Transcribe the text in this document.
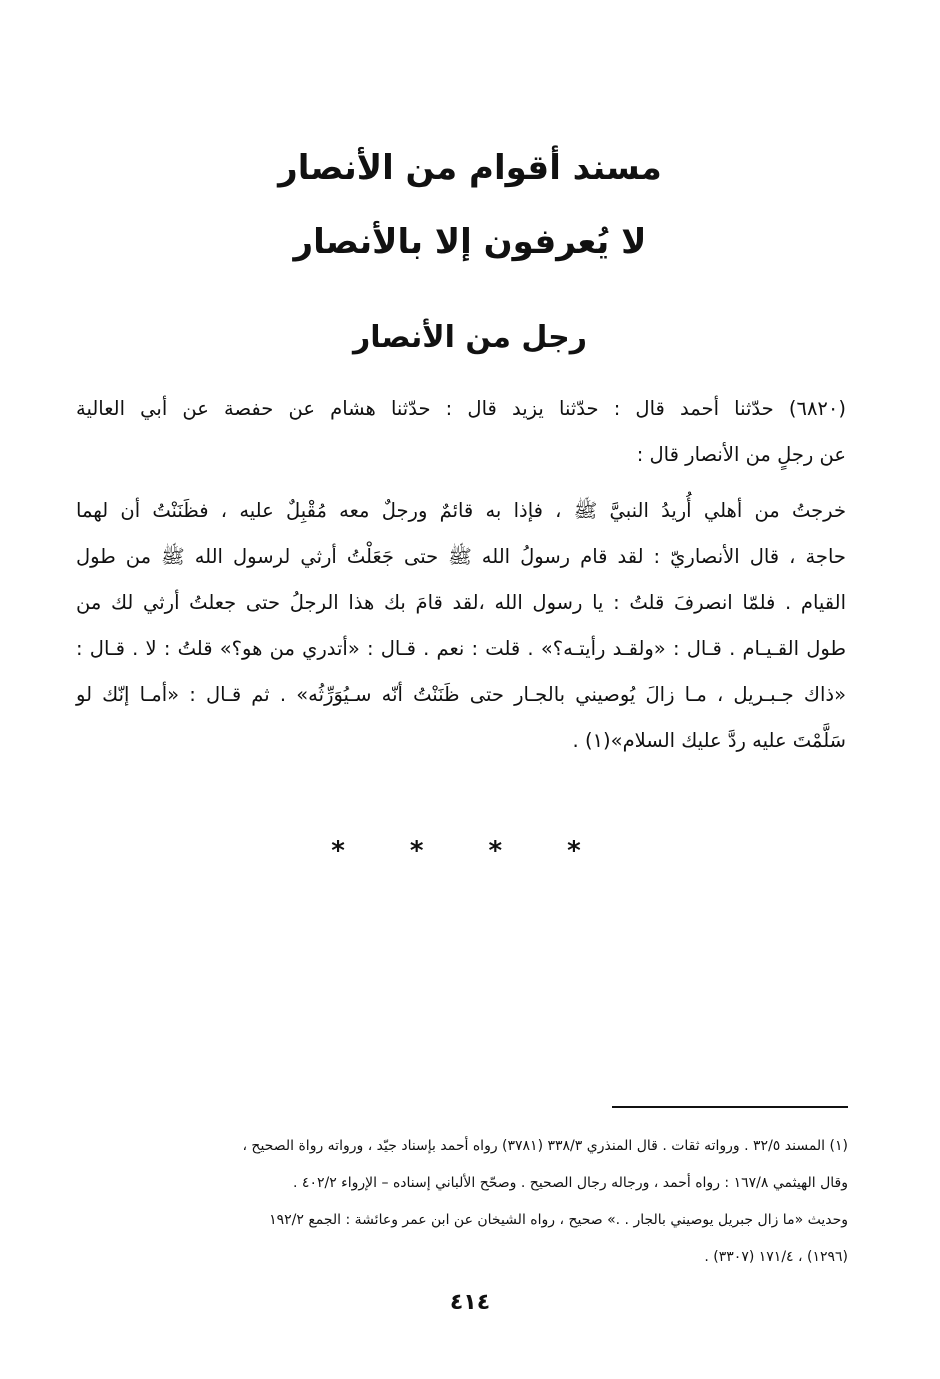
مسند أقوام من الأنصار
لا يُعرفون إلا بالأنصار
رجل من الأنصار
(٦٨٢٠) حدّثنا أحمد قال : حدّثنا يزيد قال : حدّثنا هشام عن حفصة عن أبي العالية
عن رجلٍ من الأنصار قال :
خرجتُ من أهلي أُريدُ النبيَّ ﷺ ، فإذا به قائمٌ ورجلٌ معه مُقْبِلٌ عليه ، فظَنَنْتُ أن لهما
حاجة ، قال الأنصاريّ : لقد قام رسولُ الله ﷺ حتى جَعَلْتُ أرثي لرسول الله ﷺ من طول
القيام . فلمّا انصرفَ قلتُ : يا رسول الله ،لقد قامَ بك هذا الرجلُ حتى جعلتُ أرثي لك من
طول القـيـام . قـال : «ولقـد رأيتـه؟» . قلت : نعم . قـال : «أتدري من هو؟» قلتُ : لا . قـال :
«ذاك جـبـريل ، مـا زالَ يُوصيني بالجـار حتى ظَنَنْتُ أنّه سـيُوَرِّثُه» . ثم قـال : «أمـا إنّك لو
سَلَّمْتَ عليه ردَّ عليك السلام»(١) .
* * * *
(١) المسند ٣٢/٥ . ورواته ثقات . قال المنذري ٣٣٨/٣ (٣٧٨١) رواه أحمد بإسناد جيّد ، ورواته رواة الصحيح ،
وقال الهيثمي ١٦٧/٨ : رواه أحمد ، ورجاله رجال الصحيح . وصحّح الألباني إسناده – الإرواء ٤٠٢/٢ .
وحديث «ما زال جبريل يوصيني بالجار . .» صحيح ، رواه الشيخان عن ابن عمر وعائشة : الجمع ١٩٢/٢
(١٢٩٦) ، ١٧١/٤ (٣٣٠٧) .
٤١٤
